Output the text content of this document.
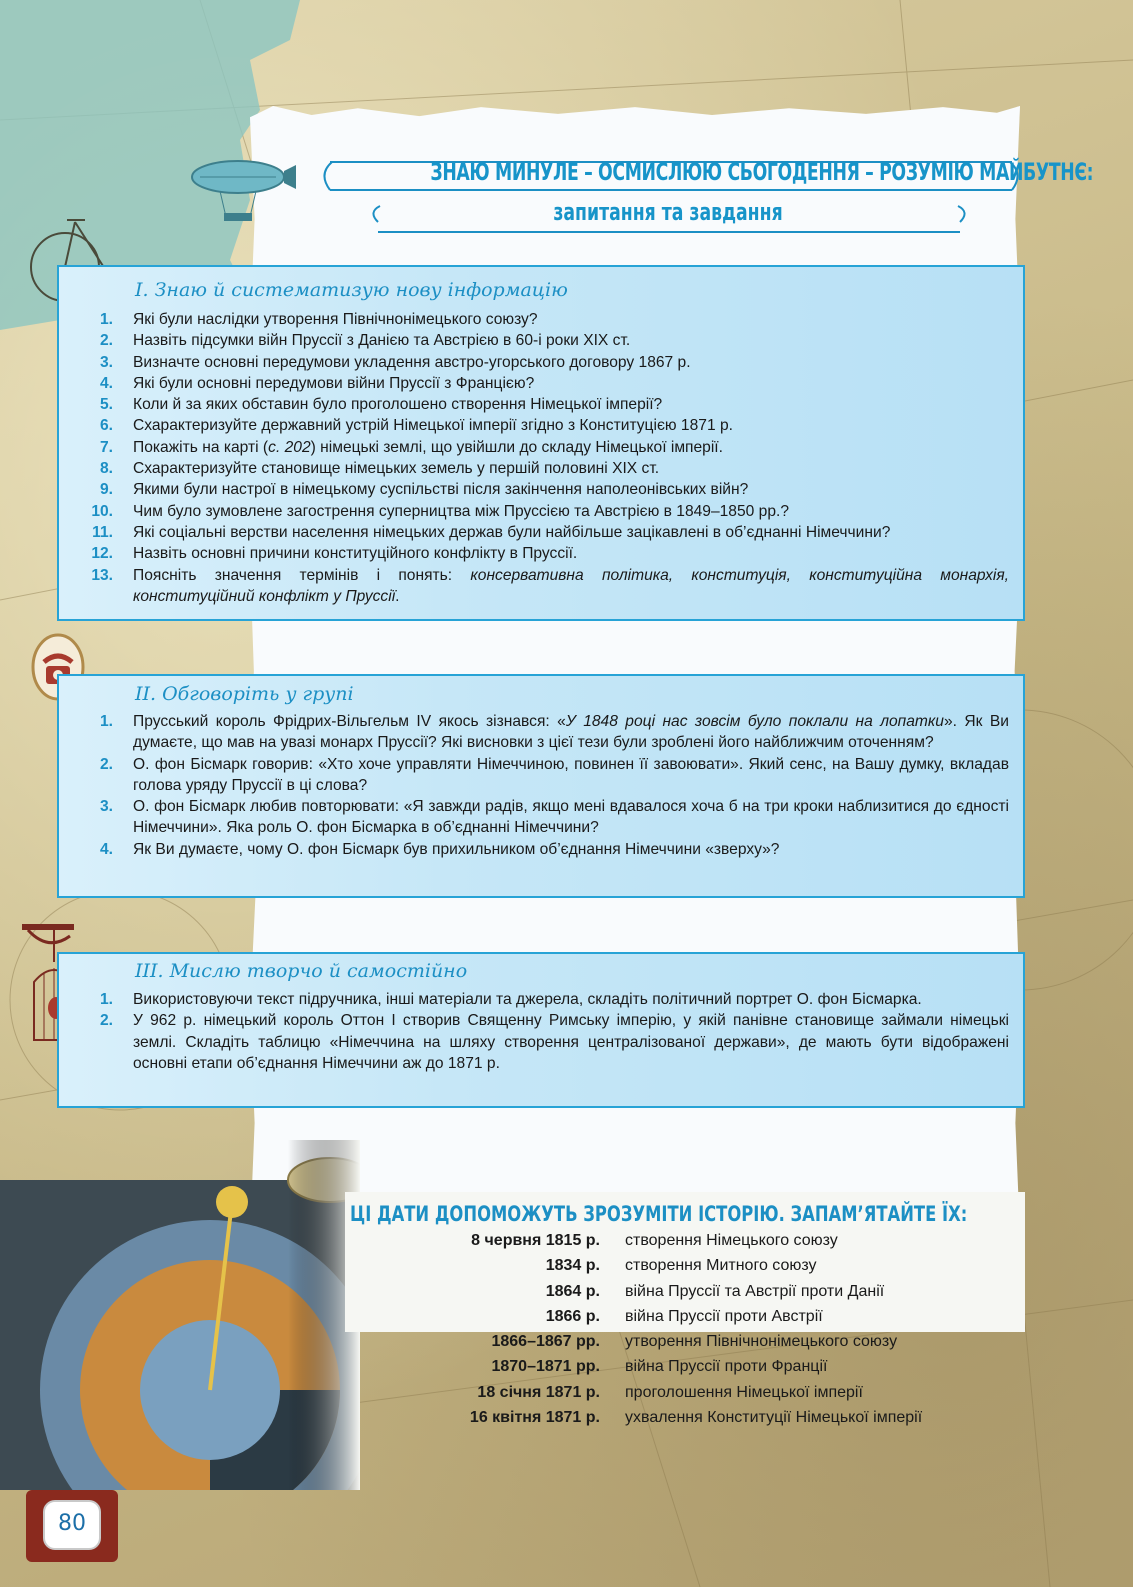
ЗНАЮ МИНУЛЕ – ОСМИСЛЮЮ СЬОГОДЕННЯ – РОЗУМІЮ МАЙБУТНЄ:
запитання та завдання
І. Знаю й систематизую нову інформацію
1. Які були наслідки утворення Північнонімецького союзу?
2. Назвіть підсумки війн Пруссії з Данією та Австрією в 60-і роки ХІХ ст.
3. Визначте основні передумови укладення австро-угорського договору 1867 р.
4. Які були основні передумови війни Пруссії з Францією?
5. Коли й за яких обставин було проголошено створення Німецької імперії?
6. Схарактеризуйте державний устрій Німецької імперії згідно з Конституцією 1871 р.
7. Покажіть на карті (с. 202) німецькі землі, що увійшли до складу Німецької імперії.
8. Схарактеризуйте становище німецьких земель у першій половині ХІХ ст.
9. Якими були настрої в німецькому суспільстві після закінчення наполеонівських війн?
10. Чим було зумовлене загострення суперництва між Пруссією та Австрією в 1849–1850 рр.?
11. Які соціальні верстви населення німецьких держав були найбільше зацікавлені в об’єднанні Німеччини?
12. Назвіть основні причини конституційного конфлікту в Пруссії.
13. Поясніть значення термінів і понять: консервативна політика, конституція, конституційна монархія, конституційний конфлікт у Пруссії.
ІІ. Обговоріть у групі
1. Прусський король Фрідрих-Вільгельм IV якось зізнався: «У 1848 році нас зовсім було поклали на лопатки». Як Ви думаєте, що мав на увазі монарх Пруссії? Які висновки з цієї тези були зроблені його найближчим оточенням?
2. О. фон Бісмарк говорив: «Хто хоче управляти Німеччиною, повинен її завоювати». Який сенс, на Вашу думку, вкладав голова уряду Пруссії в ці слова?
3. О. фон Бісмарк любив повторювати: «Я завжди радів, якщо мені вдавалося хоча б на три кроки наблизитися до єдності Німеччини». Яка роль О. фон Бісмарка в об’єднанні Німеччини?
4. Як Ви думаєте, чому О. фон Бісмарк був прихильником об’єднання Німеччини «зверху»?
ІІІ. Мислю творчо й самостійно
1. Використовуючи текст підручника, інші матеріали та джерела, складіть політичний портрет О. фон Бісмарка.
2. У 962 р. німецький король Оттон І створив Священну Римську імперію, у якій панівне становище займали німецькі землі. Складіть таблицю «Німеччина на шляху створення централізованої держави», де мають бути відображені основні етапи об’єднання Німеччини аж до 1871 р.
ЦІ ДАТИ ДОПОМОЖУТЬ ЗРОЗУМІТИ ІСТОРІЮ. ЗАПАМ’ЯТАЙТЕ ЇХ:
8 червня 1815 р. створення Німецького союзу
1834 р. створення Митного союзу
1864 р. війна Пруссії та Австрії проти Данії
1866 р. війна Пруссії проти Австрії
1866–1867 рр. утворення Північнонімецького союзу
1870–1871 рр. війна Пруссії проти Франції
18 січня 1871 р. проголошення Німецької імперії
16 квітня 1871 р. ухвалення Конституції Німецької імперії
80
